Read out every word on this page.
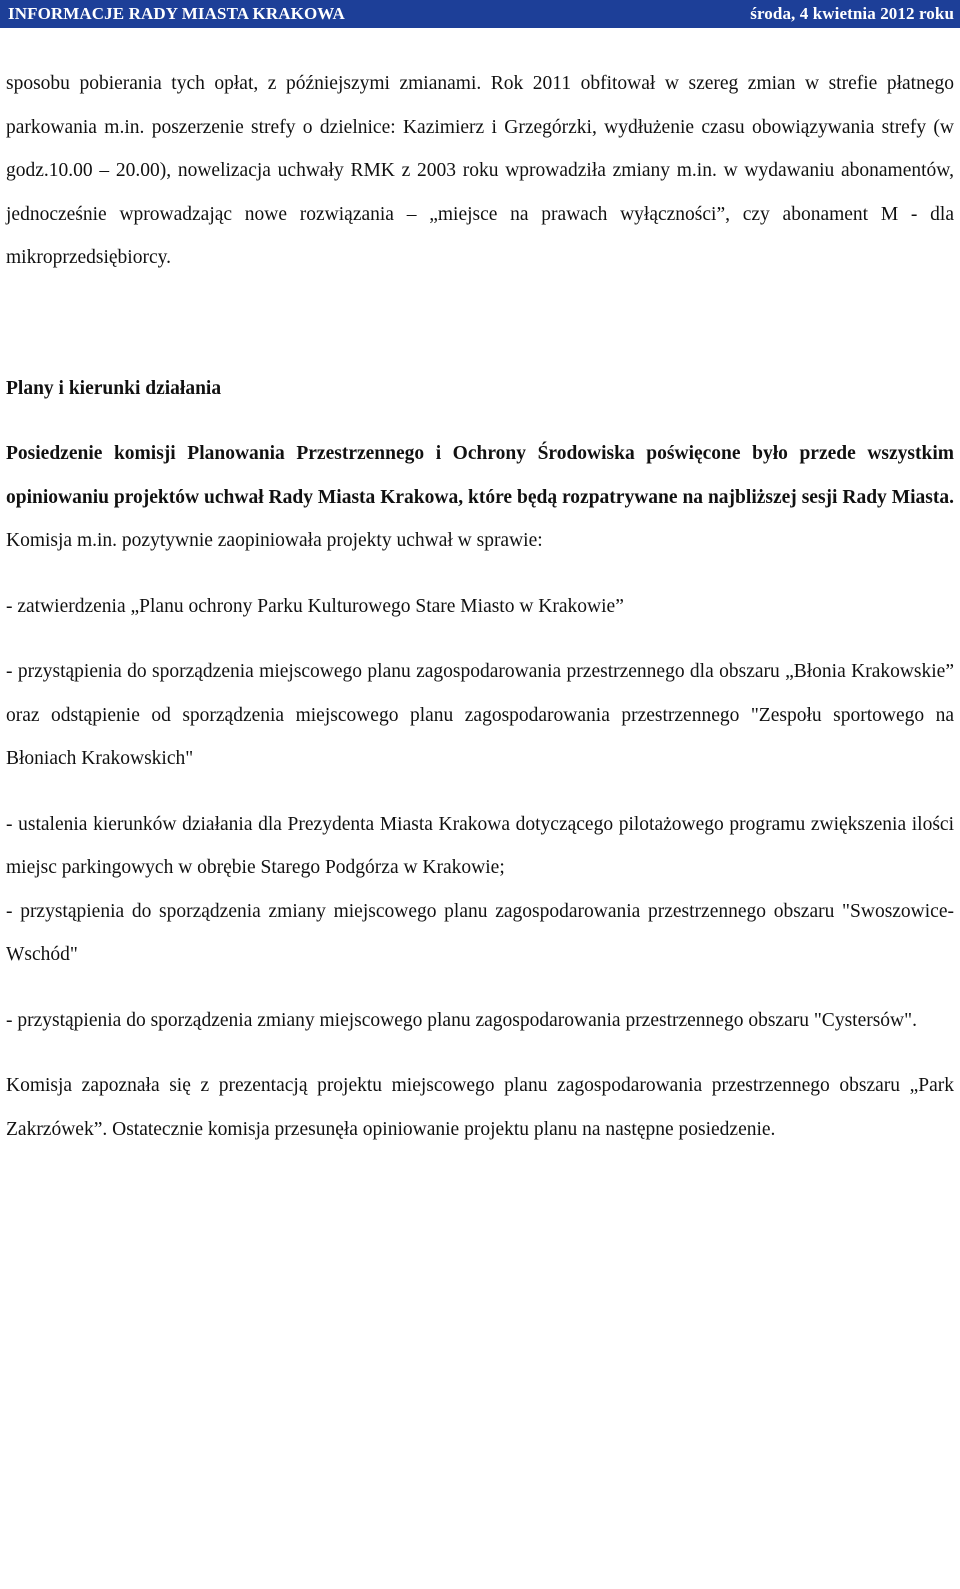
INFORMACJE RADY MIASTA KRAKOWA	środa, 4 kwietnia 2012 roku

sposobu pobierania tych opłat, z późniejszymi zmianami. Rok 2011 obfitował w szereg zmian w strefie płatnego parkowania m.in. poszerzenie strefy o dzielnice: Kazimierz i Grzegórzki, wydłużenie czasu obowiązywania strefy (w godz.10.00 – 20.00), nowelizacja uchwały RMK z 2003 roku wprowadziła zmiany m.in. w wydawaniu abonamentów, jednocześnie wprowadzając nowe rozwiązania – „miejsce na prawach wyłączności”, czy abonament M - dla mikroprzedsiębiorcy.

Plany i kierunki działania

Posiedzenie komisji Planowania Przestrzennego i Ochrony Środowiska poświęcone było przede wszystkim opiniowaniu projektów uchwał Rady Miasta Krakowa, które będą rozpatrywane na najbliższej sesji Rady Miasta. Komisja m.in. pozytywnie zaopiniowała projekty uchwał w sprawie:

- zatwierdzenia „Planu ochrony Parku Kulturowego Stare Miasto w Krakowie”

- przystąpienia do sporządzenia miejscowego planu zagospodarowania przestrzennego dla obszaru „Błonia Krakowskie” oraz odstąpienie od sporządzenia miejscowego planu zagospodarowania przestrzennego "Zespołu sportowego na Błoniach Krakowskich"

- ustalenia kierunków działania dla Prezydenta Miasta Krakowa dotyczącego pilotażowego programu zwiększenia ilości miejsc parkingowych w obrębie Starego Podgórza w Krakowie;

- przystąpienia do sporządzenia zmiany miejscowego planu zagospodarowania przestrzennego obszaru "Swoszowice-Wschód"

- przystąpienia do sporządzenia zmiany miejscowego planu zagospodarowania przestrzennego obszaru "Cystersów".

Komisja zapoznała się z prezentacją projektu miejscowego planu zagospodarowania przestrzennego obszaru „Park Zakrzówek”. Ostatecznie komisja przesunęła opiniowanie projektu planu na następne posiedzenie.
